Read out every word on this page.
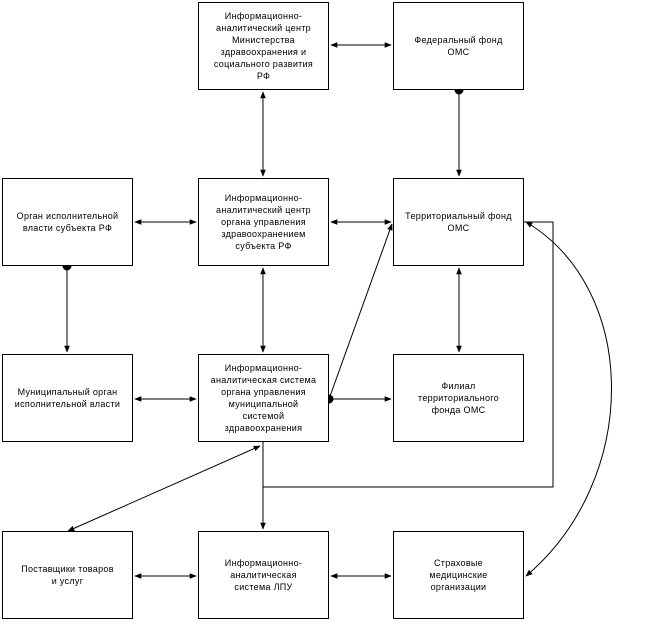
Информационно-
аналитический центр
Министерства
здравоохранения и
социального развития
РФ
Федеральный фонд
ОМС
Орган исполнительной
власти субъекта РФ
Информационно-
аналитический центр
органа управления
здравоохранением
субъекта РФ
Территориальный фонд
ОМС
Муниципальный орган
исполнительной власти
Информационно-
аналитическая система
органа управления
муниципальной
системой
здравоохранения
Филиал
территориального
фонда ОМС
Поставщики товаров
и услуг
Информационно-
аналитическая
система ЛПУ
Страховые
медицинские
организации
